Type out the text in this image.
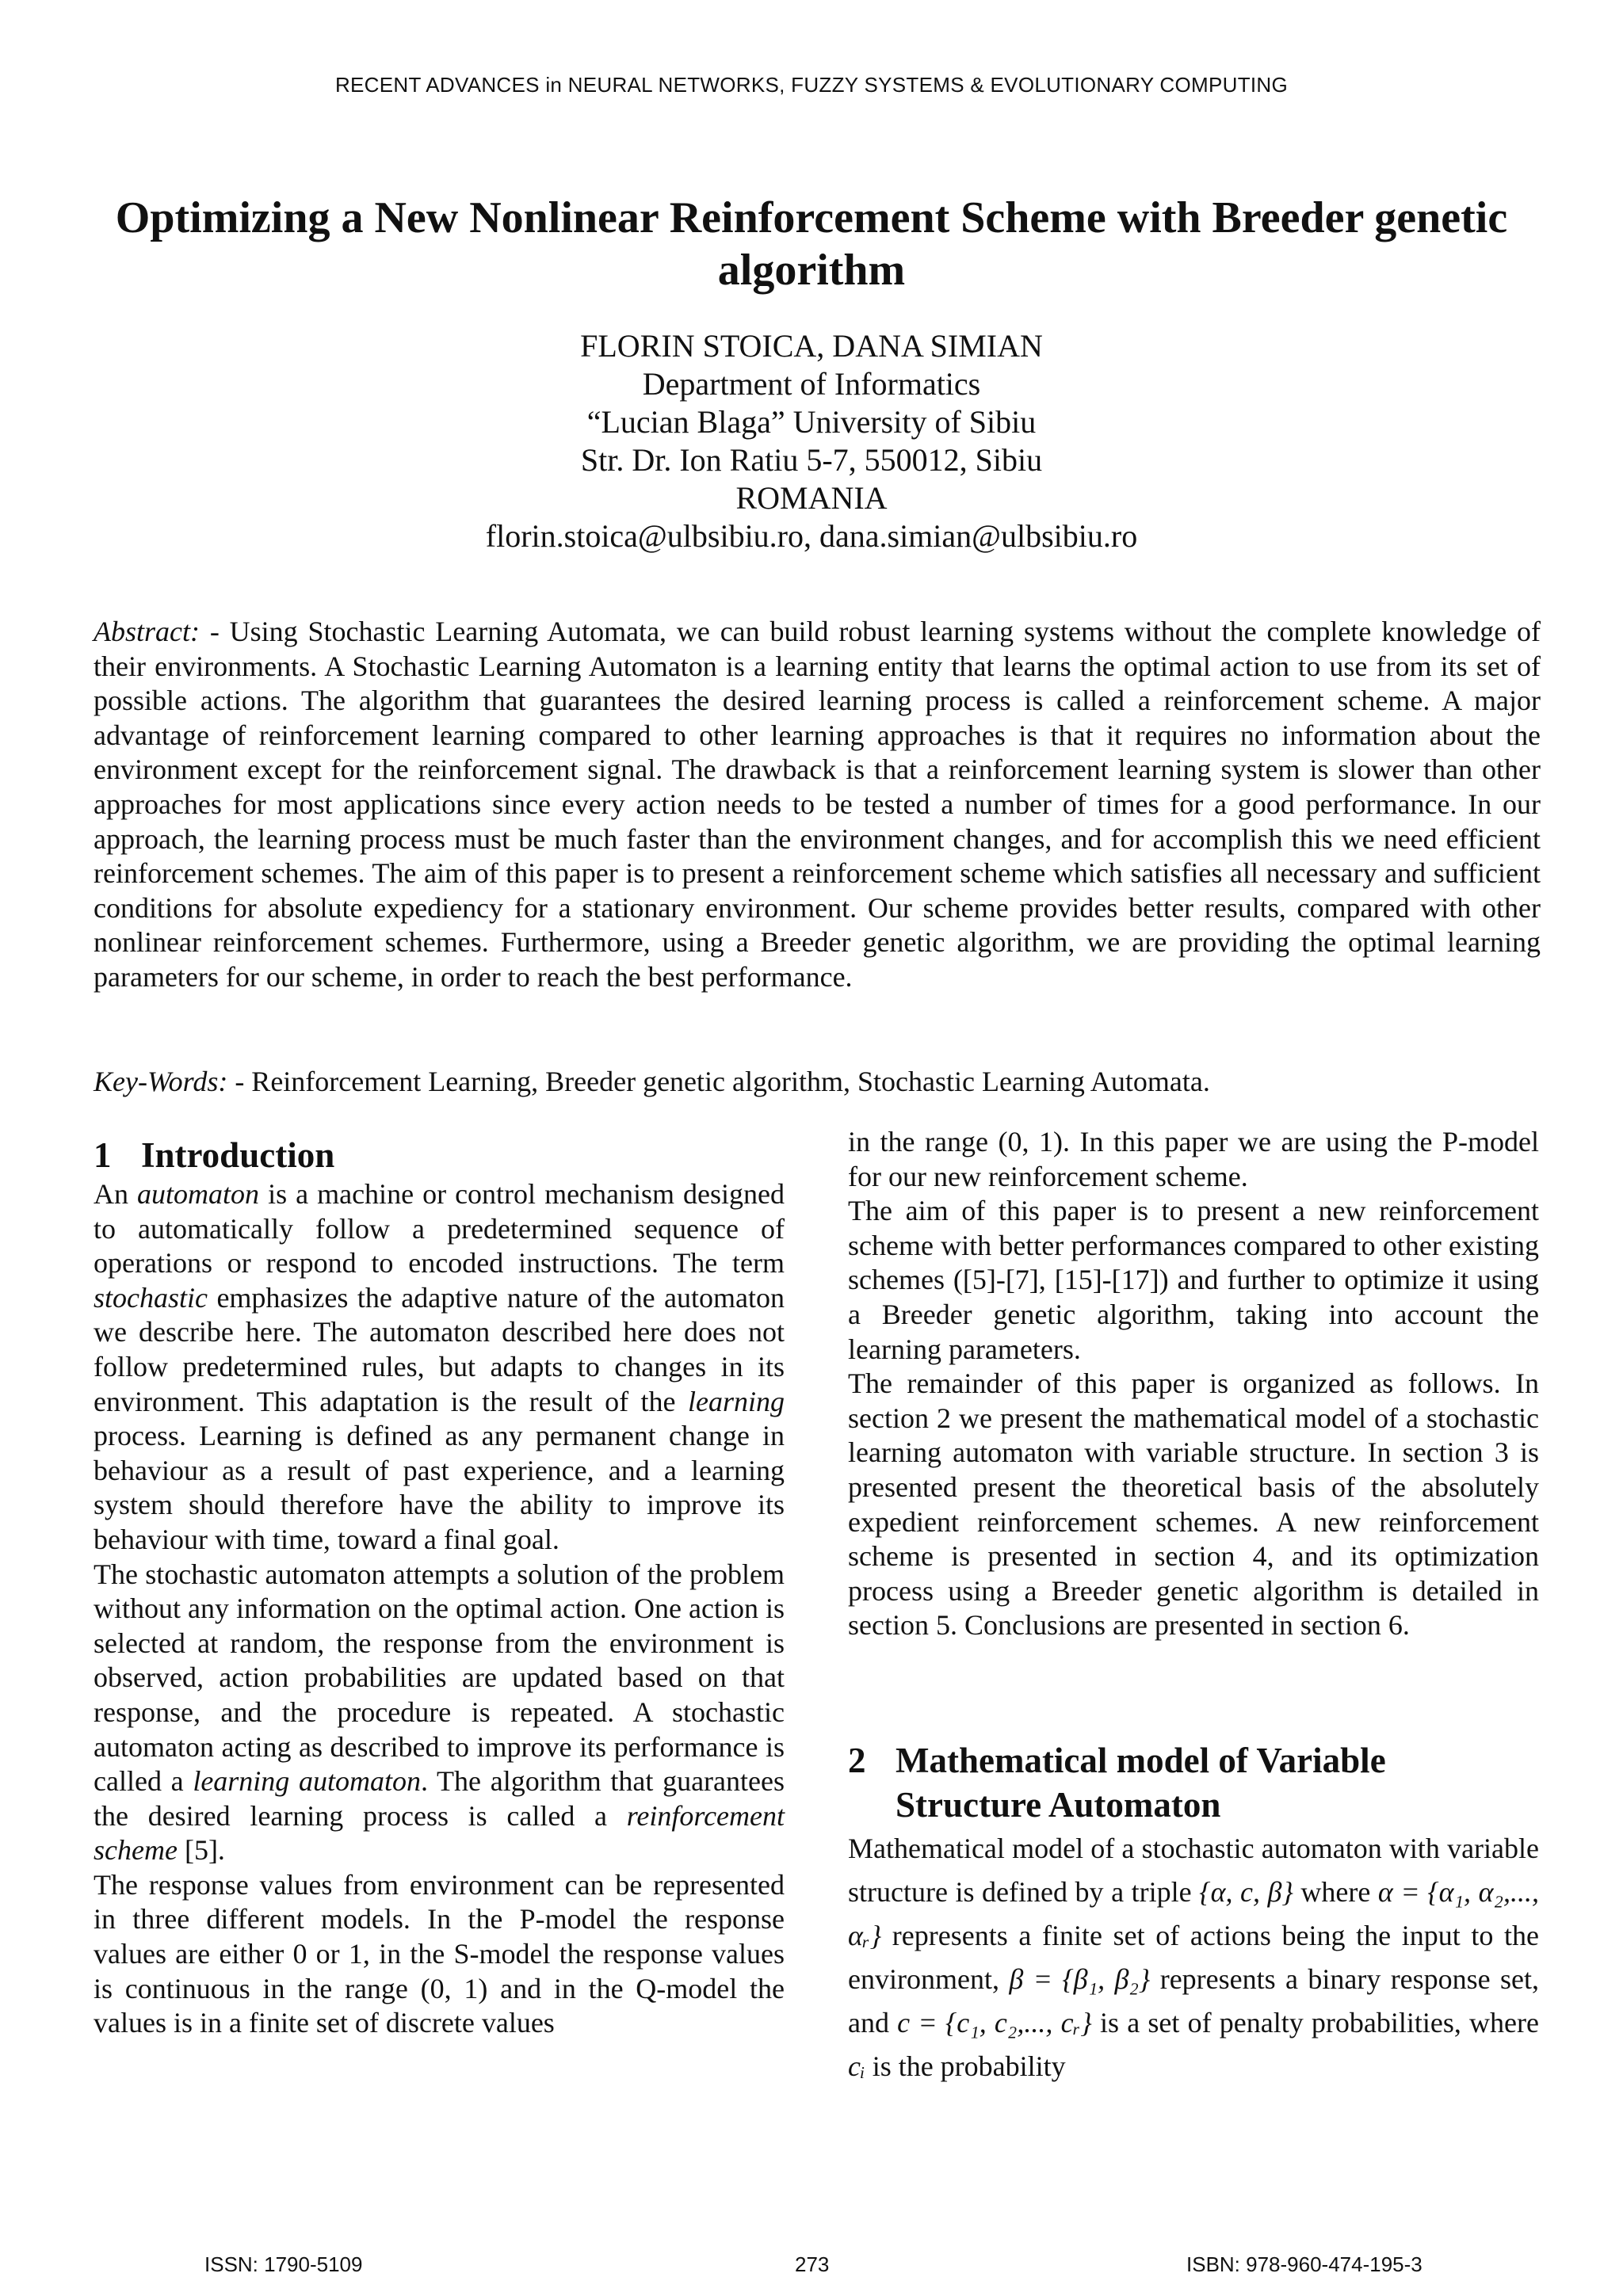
RECENT ADVANCES in NEURAL NETWORKS, FUZZY SYSTEMS & EVOLUTIONARY COMPUTING
Optimizing a New Nonlinear Reinforcement Scheme with Breeder genetic algorithm
FLORIN STOICA, DANA SIMIAN
Department of Informatics
“Lucian Blaga” University of Sibiu
Str. Dr. Ion Ratiu 5-7, 550012, Sibiu
ROMANIA
florin.stoica@ulbsibiu.ro, dana.simian@ulbsibiu.ro

Abstract: - Using Stochastic Learning Automata, we can build robust learning systems without the complete knowledge of their environments. A Stochastic Learning Automaton is a learning entity that learns the optimal action to use from its set of possible actions. The algorithm that guarantees the desired learning process is called a reinforcement scheme. A major advantage of reinforcement learning compared to other learning approaches is that it requires no information about the environment except for the reinforcement signal. The drawback is that a reinforcement learning system is slower than other approaches for most applications since every action needs to be tested a number of times for a good performance. In our approach, the learning process must be much faster than the environment changes, and for accomplish this we need efficient reinforcement schemes. The aim of this paper is to present a reinforcement scheme which satisfies all necessary and sufficient conditions for absolute expediency for a stationary environment. Our scheme provides better results, compared with other nonlinear reinforcement schemes. Furthermore, using a Breeder genetic algorithm, we are providing the optimal learning parameters for our scheme, in order to reach the best performance.

Key-Words: - Reinforcement Learning, Breeder genetic algorithm, Stochastic Learning Automata.
1 Introduction

An automaton is a machine or control mechanism designed to automatically follow a predetermined sequence of operations or respond to encoded instructions. The term stochastic emphasizes the adaptive nature of the automaton we describe here. The automaton described here does not follow predetermined rules, but adapts to changes in its environment. This adaptation is the result of the learning process. Learning is defined as any permanent change in behaviour as a result of past experience, and a learning system should therefore have the ability to improve its behaviour with time, toward a final goal.

The stochastic automaton attempts a solution of the problem without any information on the optimal action. One action is selected at random, the response from the environment is observed, action probabilities are updated based on that response, and the procedure is repeated. A stochastic automaton acting as described to improve its performance is called a learning automaton. The algorithm that guarantees the desired learning process is called a reinforcement scheme [5].

The response values from environment can be represented in three different models. In the P-model the response values are either 0 or 1, in the S-model the response values is continuous in the range (0, 1) and in the Q-model the values is in a finite set of discrete values

in the range (0, 1). In this paper we are using the P-model for our new reinforcement scheme.

The aim of this paper is to present a new reinforcement scheme with better performances compared to other existing schemes ([5]-[7], [15]-[17]) and further to optimize it using a Breeder genetic algorithm, taking into account the learning parameters.

The remainder of this paper is organized as follows. In section 2 we present the mathematical model of a stochastic learning automaton with variable structure. In section 3 is presented present the theoretical basis of the absolutely expedient reinforcement schemes. A new reinforcement scheme is presented in section 4, and its optimization process using a Breeder genetic algorithm is detailed in section 5. Conclusions are presented in section 6.

2 Mathematical model of Variable
Structure Automaton

Mathematical model of a stochastic automaton with variable structure is defined by a triple {α, c, β} where α = {α₁, α₂,..., αᵣ} represents a finite set of actions being the input to the environment, β = {β₁, β₂} represents a binary response set, and c = {c₁, c₂,..., cᵣ} is a set of penalty probabilities, where cᵢ is the probability

ISSN: 1790-5109	273	ISBN: 978-960-474-195-3
